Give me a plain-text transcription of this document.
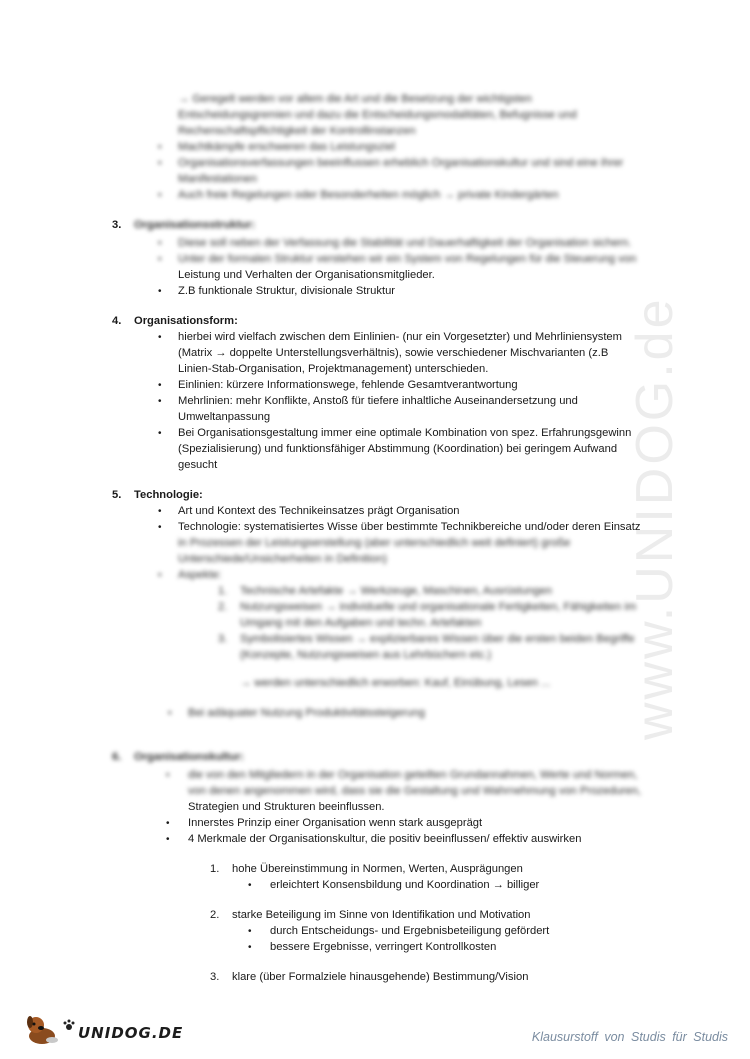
www.UNIDOG.de
→ Geregelt werden vor allem die Art und die Besetzung der wichtigsten
Entscheidungsgremien und dazu die Entscheidungsmodalitäten, Befugnisse und
Rechenschaftspflichtigkeit der Kontrollinstanzen
• Machtkämpfe erschweren das Leistungsziel
• Organisationsverfassungen beeinflussen erheblich Organisationskultur und sind eine ihrer
Manifestationen
• Auch freie Regelungen oder Besonderheiten möglich → private Kindergärten
3. Organisationsstruktur:
• Diese soll neben der Verfassung die Stabilität und Dauerhaftigkeit der Organisation sichern.
• Unter der formalen Struktur verstehen wir ein System von Regelungen für die Steuerung von
Leistung und Verhalten der Organisationsmitglieder.
• Z.B funktionale Struktur, divisionale Struktur
4. Organisationsform:
• hierbei wird vielfach zwischen dem Einlinien- (nur ein Vorgesetzter) und Mehrliniensystem
(Matrix → doppelte Unterstellungsverhältnis), sowie verschiedener Mischvarianten (z.B
Linien-Stab-Organisation, Projektmanagement) unterschieden.
• Einlinien: kürzere Informationswege, fehlende Gesamtverantwortung
• Mehrlinien: mehr Konflikte, Anstoß für tiefere inhaltliche Auseinandersetzung und
Umweltanpassung
• Bei Organisationsgestaltung immer eine optimale Kombination von spez. Erfahrungsgewinn
(Spezialisierung) und funktionsfähiger Abstimmung (Koordination) bei geringem Aufwand
gesucht
5. Technologie:
• Art und Kontext des Technikeinsatzes prägt Organisation
• Technologie: systematisiertes Wisse über bestimmte Technikbereiche und/oder deren Einsatz
in Prozessen der Leistungserstellung (aber unterschiedlich weit definiert) große
Unterschiede/Unsicherheiten in Definition)
• Aspekte:
1. Technische Artefakte → Werkzeuge, Maschinen, Ausrüstungen
2. Nutzungsweisen → individuelle und organisationale Fertigkeiten, Fähigkeiten im
Umgang mit den Aufgaben und techn. Artefakten
3. Symbolisiertes Wissen → explizierbares Wissen über die ersten beiden Begriffe
(Konzepte, Nutzungsweisen aus Lehrbüchern etc.)
→ werden unterschiedlich erworben: Kauf, Einübung, Lesen ...
• Bei adäquater Nutzung Produktivitätssteigerung
6. Organisationskultur:
• die von den Mitgliedern in der Organisation geteilten Grundannahmen, Werte und Normen,
von denen angenommen wird, dass sie die Gestaltung und Wahrnehmung von Prozeduren,
Strategien und Strukturen beeinflussen.
• Innerstes Prinzip einer Organisation wenn stark ausgeprägt
• 4 Merkmale der Organisationskultur, die positiv beeinflussen/ effektiv auswirken
1. hohe Übereinstimmung in Normen, Werten, Ausprägungen
• erleichtert Konsensbildung und Koordination → billiger
2. starke Beteiligung im Sinne von Identifikation und Motivation
• durch Entscheidungs- und Ergebnisbeteiligung gefördert
• bessere Ergebnisse, verringert Kontrollkosten
3. klare (über Formalziele hinausgehende) Bestimmung/Vision
UNIDOG.DE	Klausurstoff von Studis für Studis
